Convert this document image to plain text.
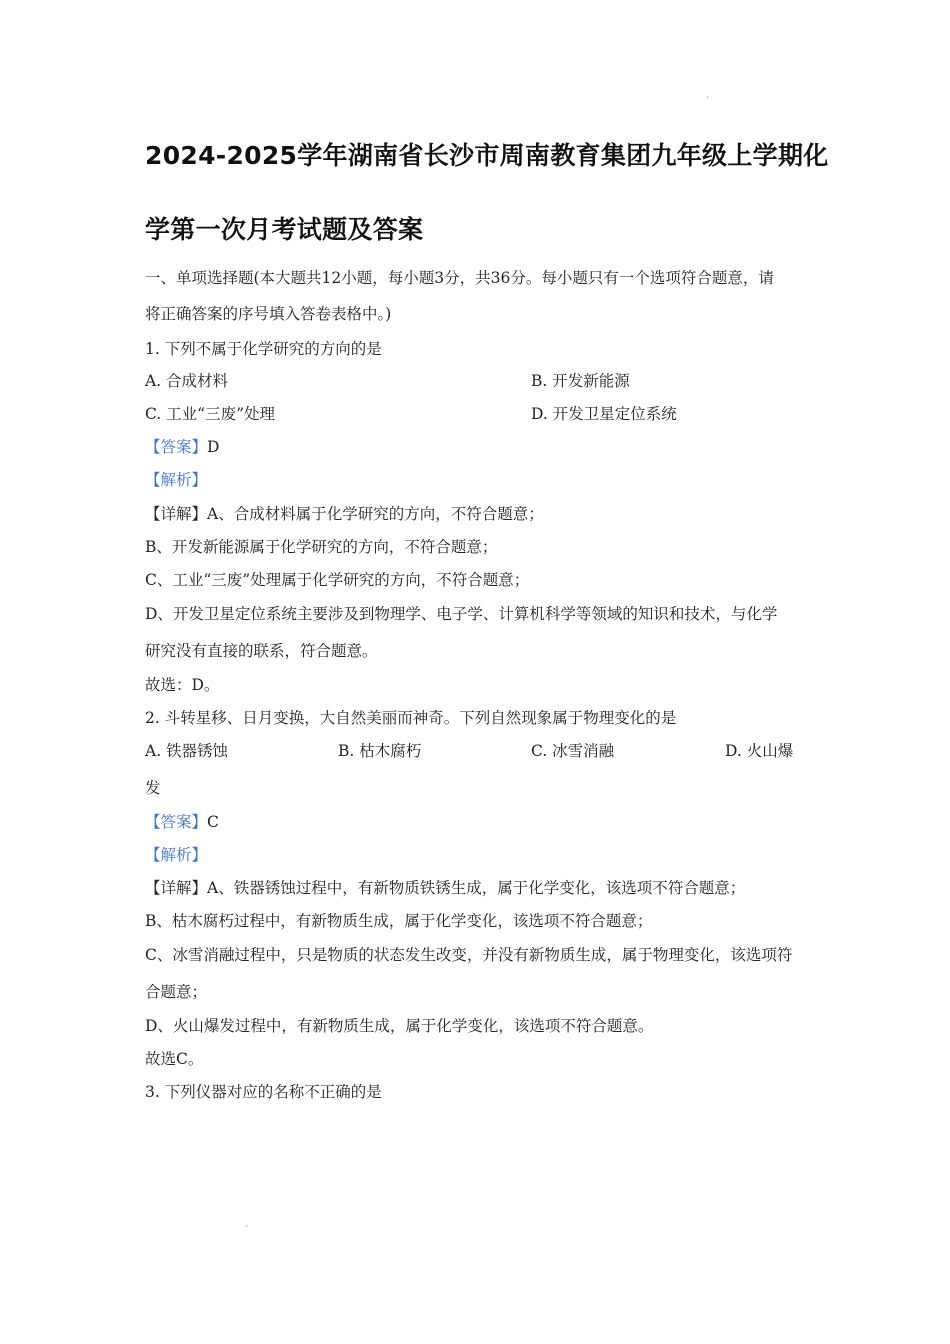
`
2024-2025学年湖南省长沙市周南教育集团九年级上学期化
学第一次月考试题及答案
一、单项选择题(本大题共12小题，每小题3分，共36分。每小题只有一个选项符合题意，请
将正确答案的序号填入答卷表格中。)
1. 下列不属于化学研究的方向的是
A. 合成材料	B. 开发新能源
C. 工业“三废”处理	D. 开发卫星定位系统
【答案】D
【解析】
【详解】A、合成材料属于化学研究的方向，不符合题意；
B、开发新能源属于化学研究的方向，不符合题意；
C、工业“三废”处理属于化学研究的方向，不符合题意；
D、开发卫星定位系统主要涉及到物理学、电子学、计算机科学等领域的知识和技术，与化学
研究没有直接的联系，符合题意。
故选：D。
2. 斗转星移、日月变换，大自然美丽而神奇。下列自然现象属于物理变化的是
A. 铁器锈蚀	B. 枯木腐朽	C. 冰雪消融	D. 火山爆
发
【答案】C
【解析】
【详解】A、铁器锈蚀过程中，有新物质铁锈生成，属于化学变化，该选项不符合题意；
B、枯木腐朽过程中，有新物质生成，属于化学变化，该选项不符合题意；
C、冰雪消融过程中，只是物质的状态发生改变，并没有新物质生成，属于物理变化，该选项符
合题意；
D、火山爆发过程中，有新物质生成，属于化学变化，该选项不符合题意。
故选C。
3. 下列仪器对应的名称不正确的是
`
